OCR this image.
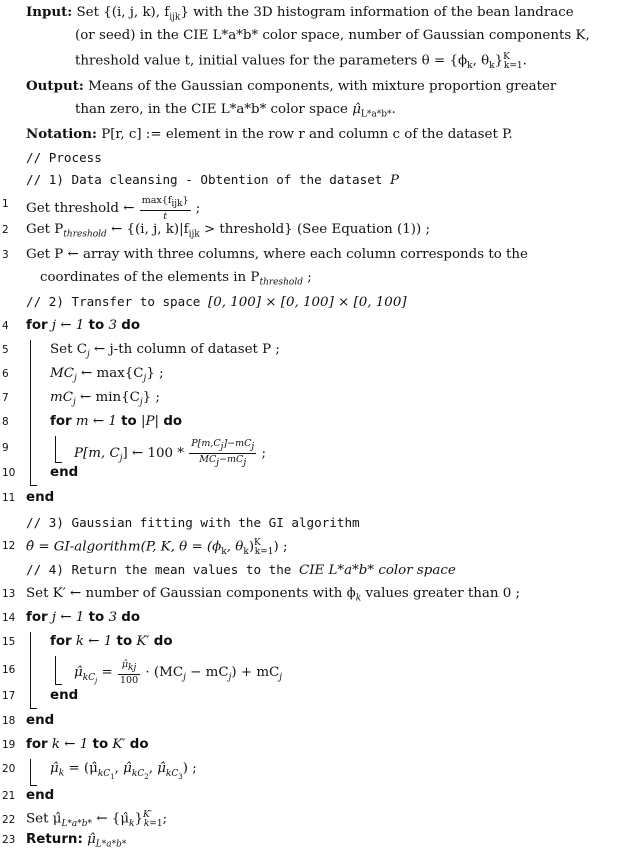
Input: Set {(i, j, k), $f_{ijk}$} with the 3D histogram information of the bean landrace
(or seed) in the CIE L*a*b* color space, number of Gaussian components K,
threshold value t, initial values for the parameters $\theta = \{\phi_k$, $\theta_k\}^K_{k=1}$.
Output: Means of the Gaussian components, with mixture proportion greater
than zero, in the CIE L*a*b* color space $\mû_{L*a*b*}$.
Notation: P[r, c] := element in the row r and column c of the dataset P.
// Process
// 1) Data cleansing - Obtention of the dataset P
1	Get threshold ← $\frac{\max\{f_{ijk}\}}{t}$ ;
2	Get $P_{threshold}$ ← {(i, j, $k)|f_{ijk}$ > threshold} (See Equation (1)) ;
3	Get P ← array with three columns, where each column corresponds to the
coordinates of the elements in $P_{threshold}$ ;
// 2) Transfer to space [0, 100] × [0, 100] × [0, 100]
4	for j ← 1 to 3 do
5	Set $C_j$ ← j-th column of dataset P ;
6	$MC_j$ ← $\max\{C_j\}$ ;
7	$mC_j$ ← $\min\{C_j\}$ ;
8	for m ← 1 to |P| do
9	P[m, $C_j$] ← $100 * \frac{P[m,C_j]-mC_j}{MC_j-mC_j}$ ;
10	end
11 end
// 3) Gaussian fitting with the GI algorithm
12 θ̂ = GI-algorithm(P, K, $\theta = (\phi_k$, $\theta_k)^K_{k=1}$) ;
// 4) Return the mean values to the CIE L*a*b* color space
13 Set K′ ← number of Gaussian components with $\phi_k$ values greater than 0 ;
14 for j ← 1 to 3 do
15	for k ← 1 to K′ do
16	$\mû_{kC_j} = \frac{\mû_{kj}}{100} \cdot (MC_j - mC_j) + mC_j$
17	end
18 end
19 for k ← 1 to K′ do
20	$\mû_k$ = ($\mû_{kC_1}$, $\mû_{kC_2}$, $\mû_{kC_3}$) ;
21 end
22 Set $\mû_{L*a*b*}$ ← $\{\mû_k\}^{K'}_{k=1}$;
23 Return: $\mû_{L*a*b*}$
